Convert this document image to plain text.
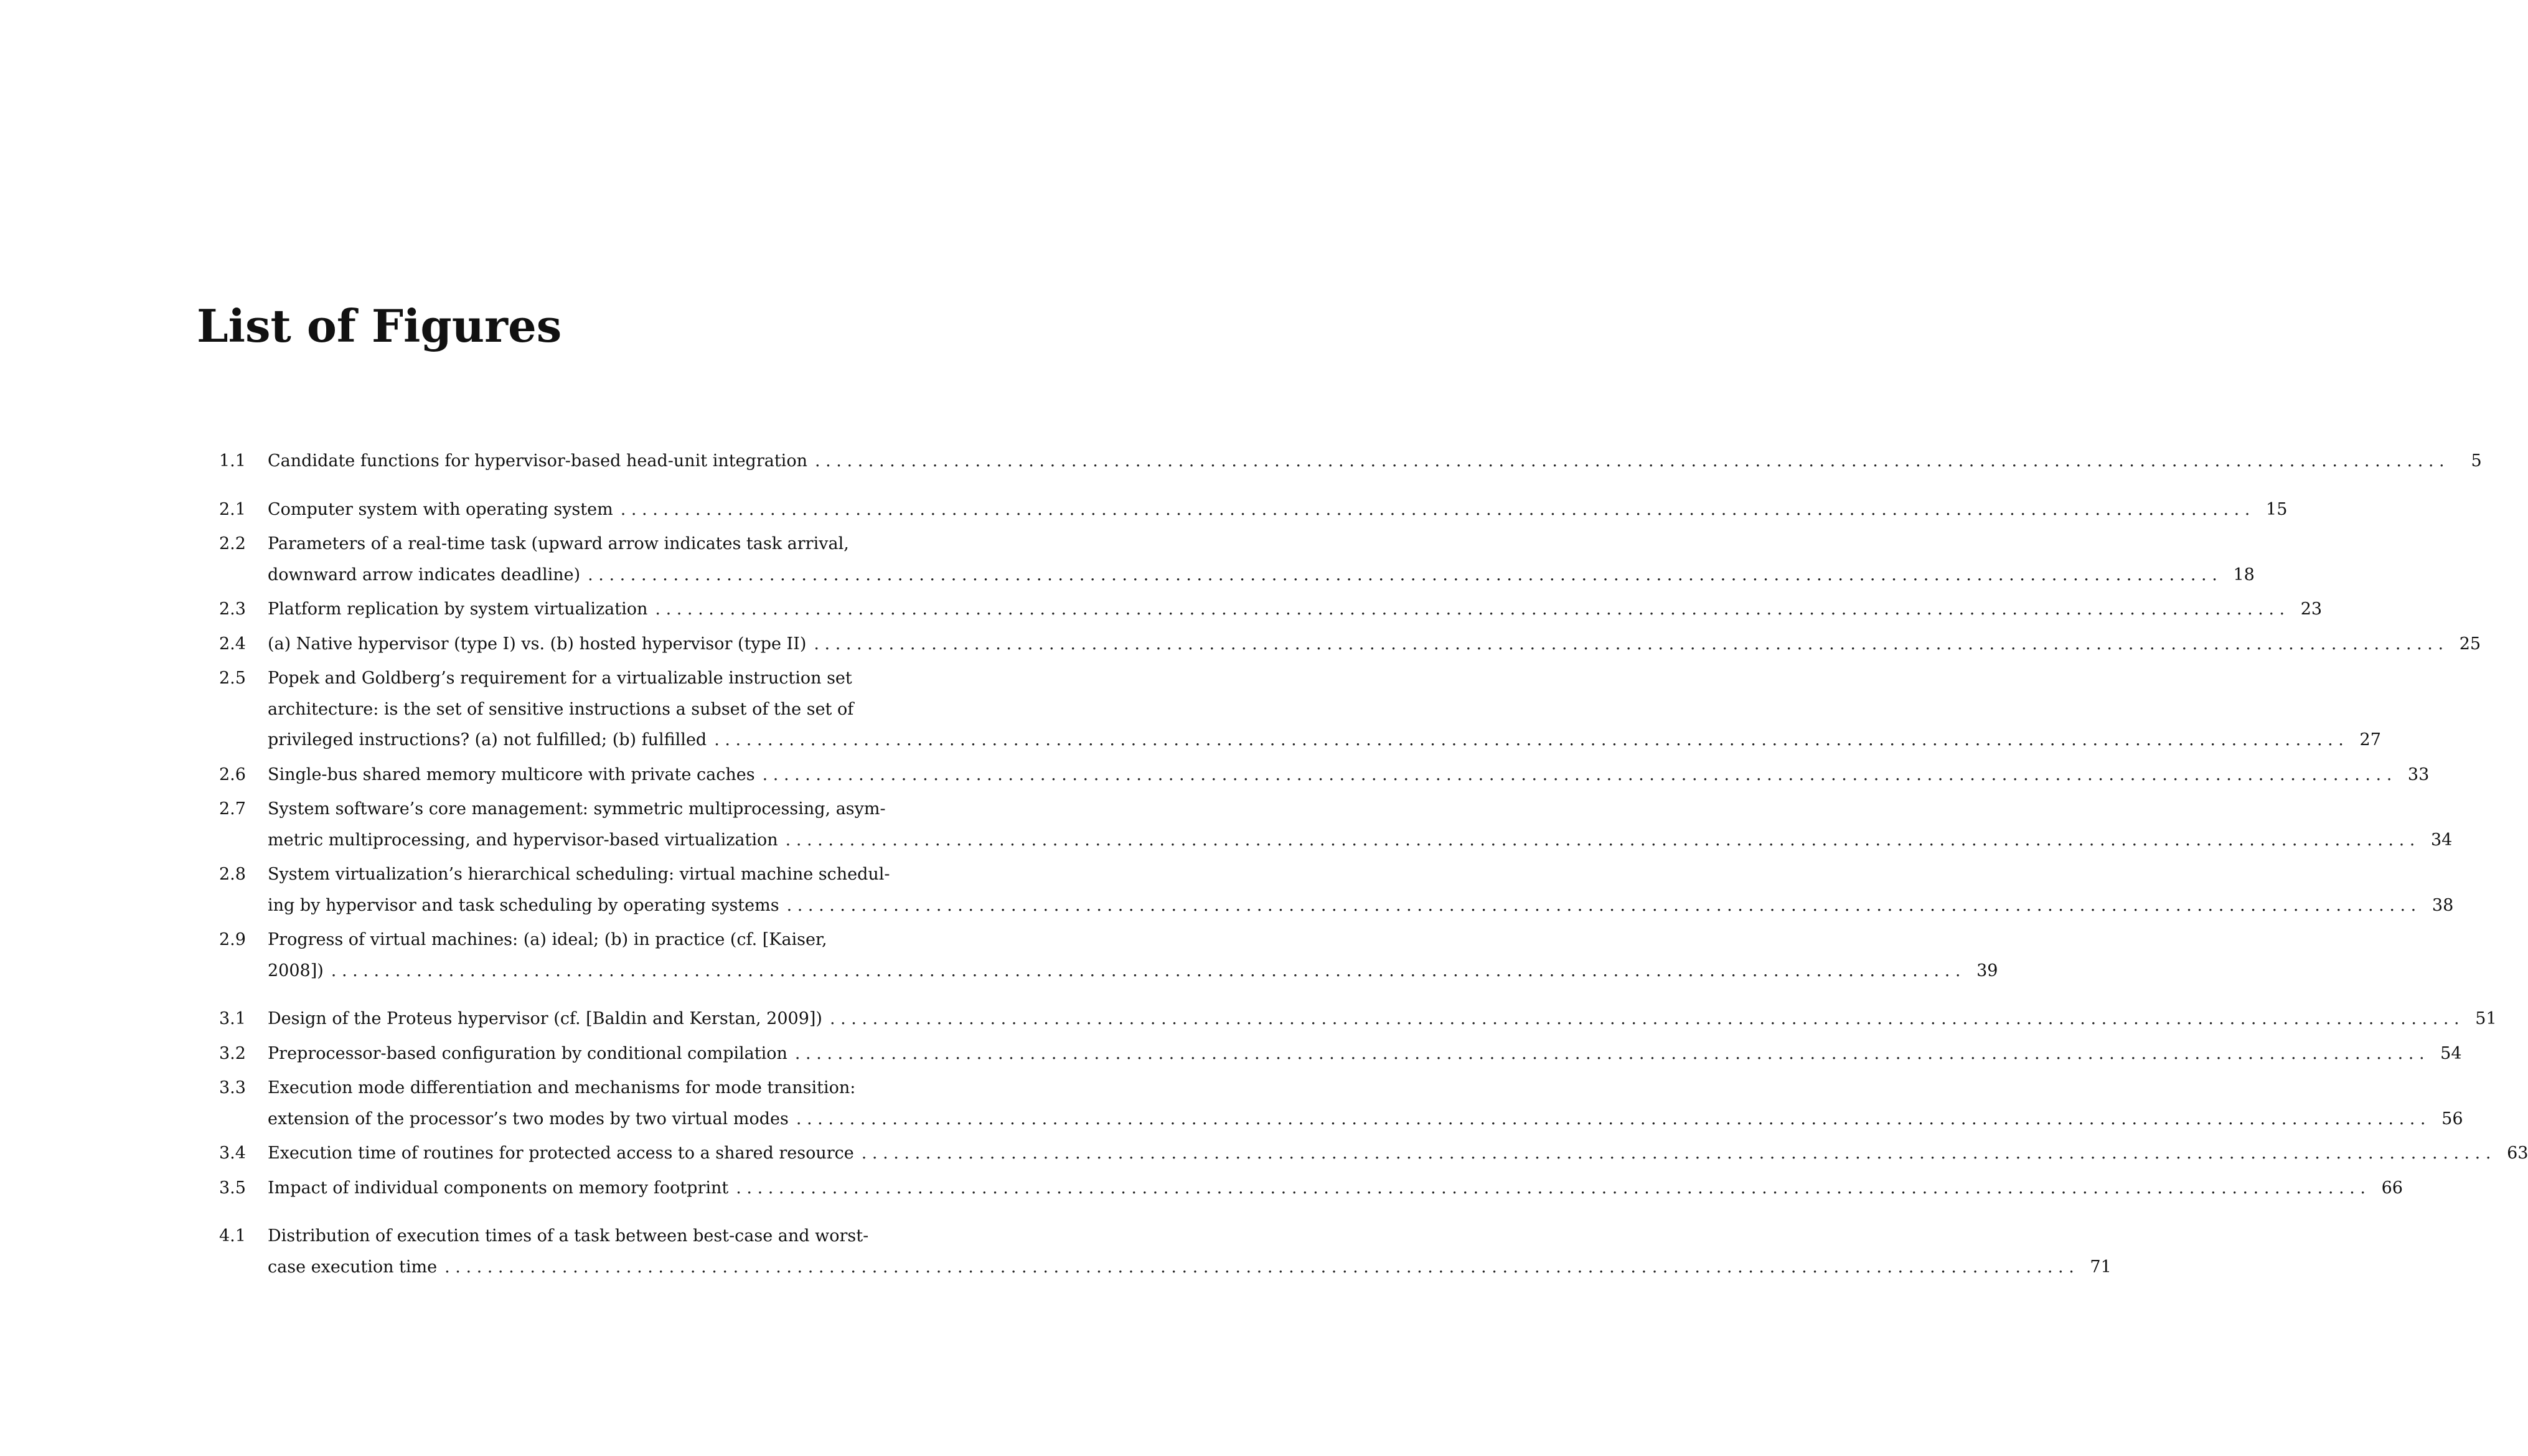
List of Figures
1.1	Candidate functions for hypervisor-based head-unit integration . . .	5
2.1	Computer system with operating system . . .	15
2.2	Parameters of a real-time task (upward arrow indicates task arrival,
downward arrow indicates deadline) . . .	18
2.3	Platform replication by system virtualization . . .	23
2.4	(a) Native hypervisor (type I) vs. (b) hosted hypervisor (type II) . . .	25
2.5	Popek and Goldberg’s requirement for a virtualizable instruction set
architecture: is the set of sensitive instructions a subset of the set of
privileged instructions? (a) not fulfilled; (b) fulfilled . . .	27
2.6	Single-bus shared memory multicore with private caches . . .	33
2.7	System software’s core management: symmetric multiprocessing, asym-
metric multiprocessing, and hypervisor-based virtualization . . .	34
2.8	System virtualization’s hierarchical scheduling: virtual machine schedul-
ing by hypervisor and task scheduling by operating systems . . .	38
2.9	Progress of virtual machines: (a) ideal; (b) in practice (cf. [Kaiser,
2008]) . . .	39
3.1	Design of the Proteus hypervisor (cf. [Baldin and Kerstan, 2009]) . . .	51
3.2	Preprocessor-based configuration by conditional compilation . . .	54
3.3	Execution mode differentiation and mechanisms for mode transition:
extension of the processor’s two modes by two virtual modes . . .	56
3.4	Execution time of routines for protected access to a shared resource . . .	63
3.5	Impact of individual components on memory footprint . . .	66
4.1	Distribution of execution times of a task between best-case and worst-
case execution time . . .	71
